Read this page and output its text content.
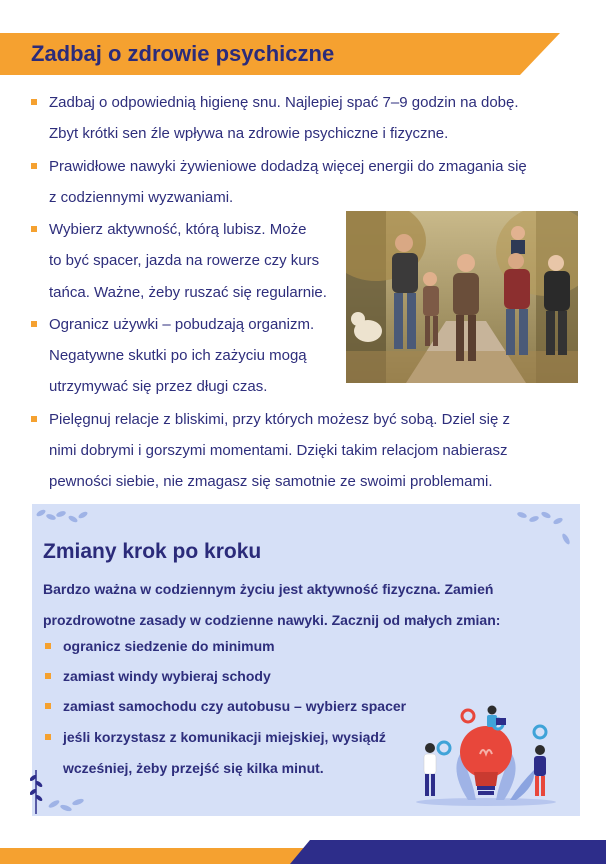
Zadbaj o zdrowie psychiczne
Zadbaj o odpowiednią higienę snu. Najlepiej spać 7–9 godzin na dobę.
Zbyt krótki sen źle wpływa na zdrowie psychiczne i fizyczne.
Prawidłowe nawyki żywieniowe dodadzą więcej energii do zmagania się
z codziennymi wyzwaniami.
Wybierz aktywność, którą lubisz. Może
to być spacer, jazda na rowerze czy kurs
tańca. Ważne, żeby ruszać się regularnie.
Ogranicz używki – pobudzają organizm.
Negatywne skutki po ich zażyciu mogą
utrzymywać się przez długi czas.
Pielęgnuj relacje z bliskimi, przy których możesz być sobą. Dziel się z
nimi dobrymi i gorszymi momentami. Dzięki takim relacjom nabierasz
pewności siebie, nie zmagasz się samotnie ze swoimi problemami.
Zmiany krok po kroku
Bardzo ważna w codziennym życiu jest aktywność fizyczna. Zamień
prozdrowotne zasady w codzienne nawyki. Zacznij od małych zmian:
ogranicz siedzenie do minimum
zamiast windy wybieraj schody
zamiast samochodu czy autobusu – wybierz spacer
jeśli korzystasz z komunikacji miejskiej, wysiądź
wcześniej, żeby przejść się kilka minut.
